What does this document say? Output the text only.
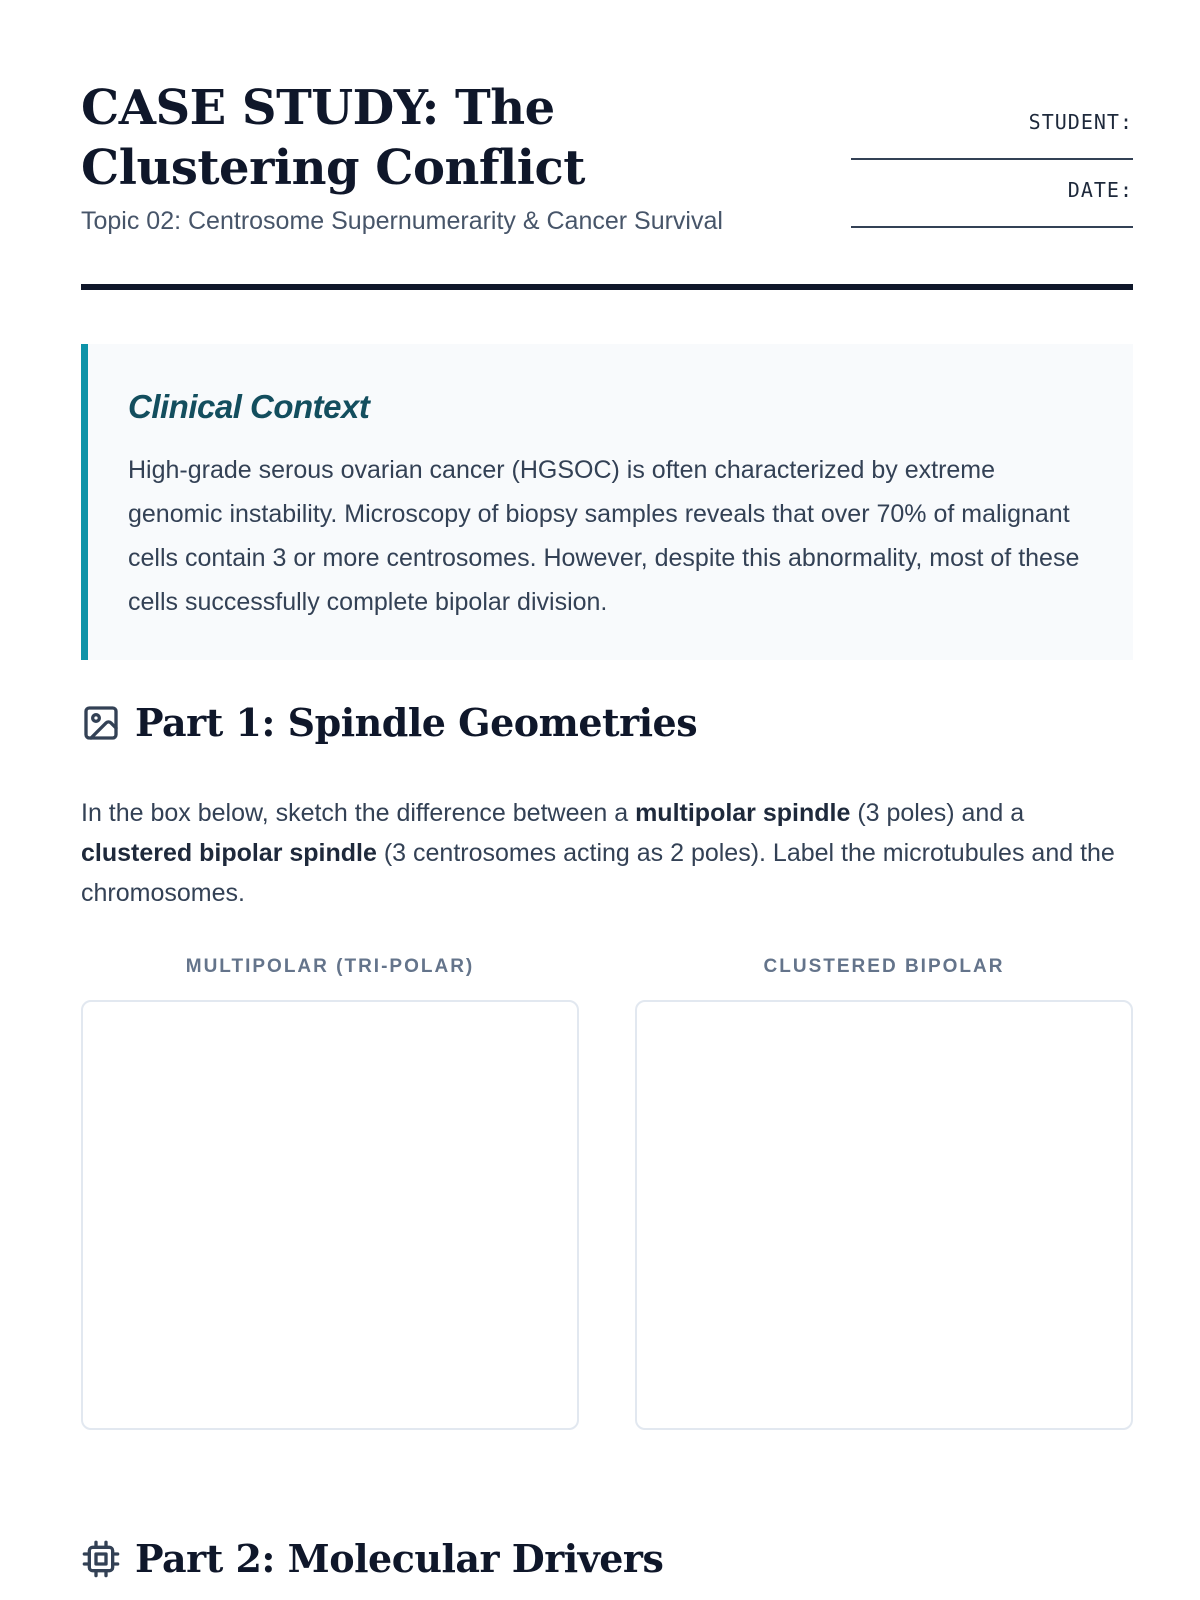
CASE STUDY: The Clustering Conflict

Topic 02: Centrosome Supernumerarity & Cancer Survival

STUDENT:
DATE:
Clinical Context

High-grade serous ovarian cancer (HGSOC) is often characterized by extreme genomic instability. Microscopy of biopsy samples reveals that over 70% of malignant cells contain 3 or more centrosomes. However, despite this abnormality, most of these cells successfully complete bipolar division.

Part 1: Spindle Geometries

In the box below, sketch the difference between a multipolar spindle (3 poles) and a clustered bipolar spindle (3 centrosomes acting as 2 poles). Label the microtubules and the chromosomes.

MULTIPOLAR (TRI-POLAR)	CLUSTERED BIPOLAR
Part 2: Molecular Drivers
